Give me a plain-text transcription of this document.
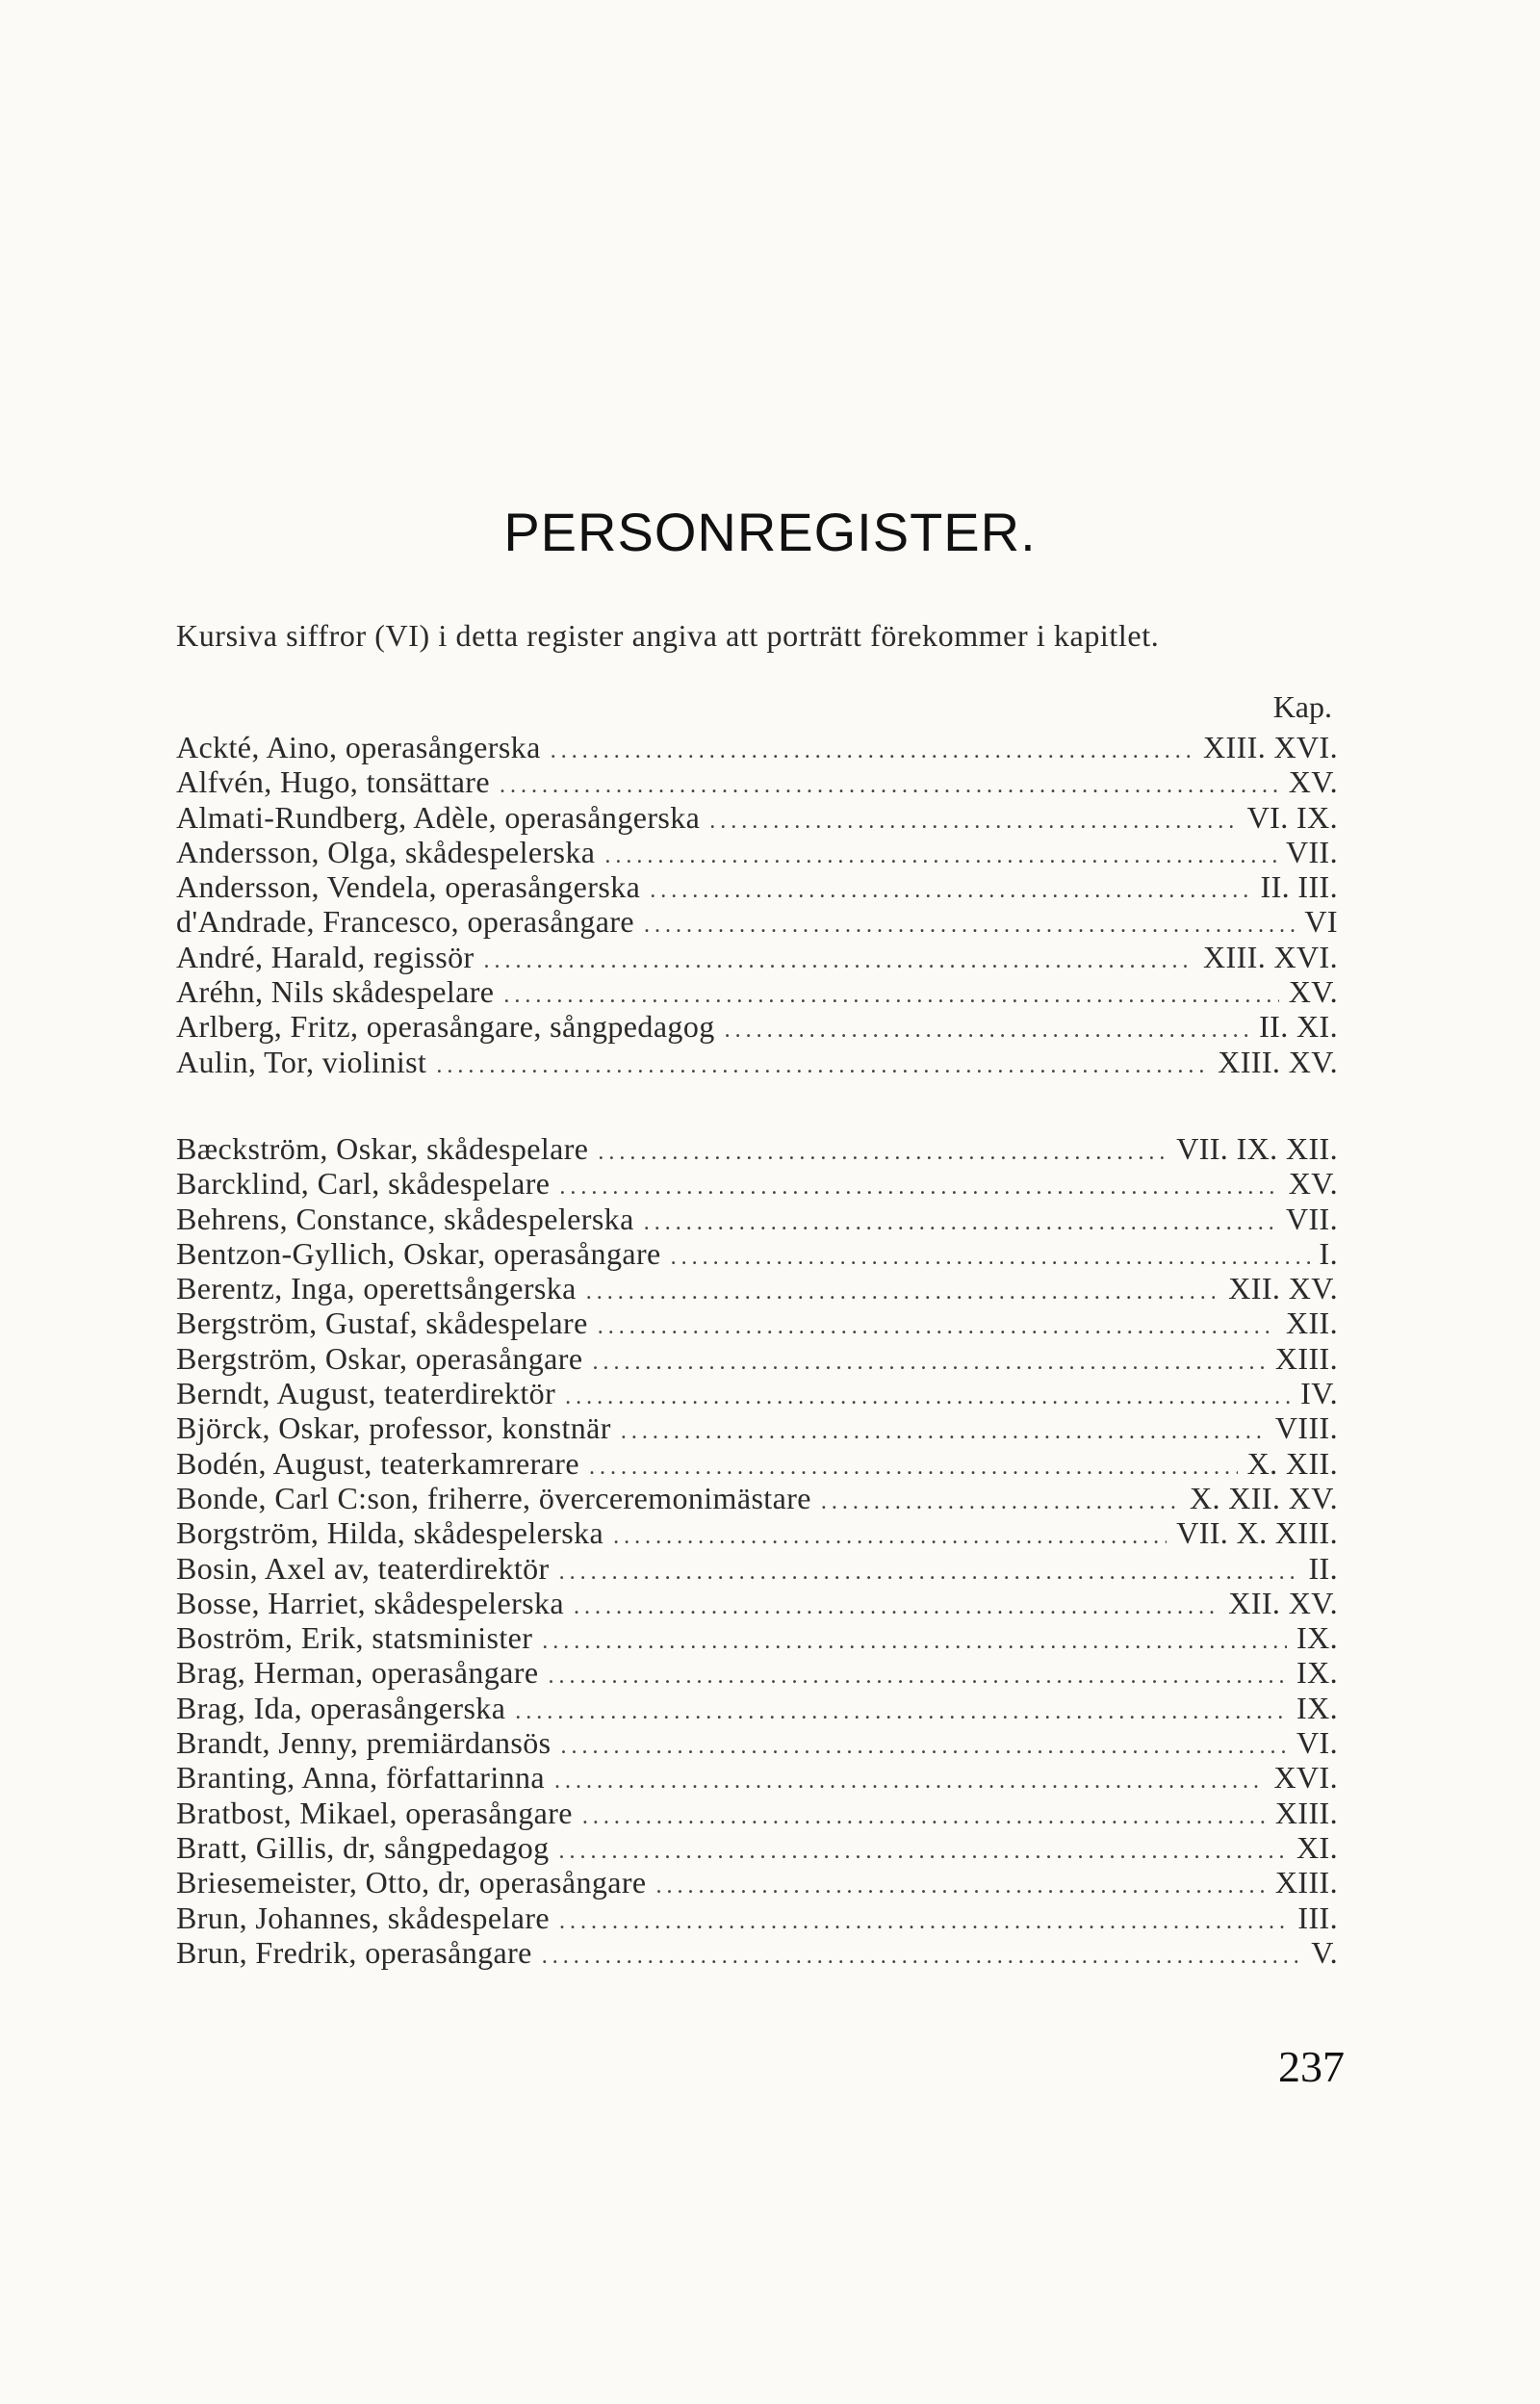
PERSONREGISTER.
Kursiva siffror (VI) i detta register angiva att porträtt förekommer i kapitlet.
Kap.
Ackté, Aino, operasångerska .....	XIII. XVI.
Alfvén, Hugo, tonsättare .....	XV.
Almati-Rundberg, Adèle, operasångerska .....	VI. IX.
Andersson, Olga, skådespelerska .....	VII.
Andersson, Vendela, operasångerska .....	II. III.
d'Andrade, Francesco, operasångare .....	VI
André, Harald, regissör .....	XIII. XVI.
Aréhn, Nils skådespelare .....	XV.
Arlberg, Fritz, operasångare, sångpedagog .....	II. XI.
Aulin, Tor, violinist .....	XIII. XV.
Bæckström, Oskar, skådespelare .....	VII. IX. XII.
Barcklind, Carl, skådespelare .....	XV.
Behrens, Constance, skådespelerska .....	VII.
Bentzon-Gyllich, Oskar, operasångare .....	I.
Berentz, Inga, operettsångerska .....	XII. XV.
Bergström, Gustaf, skådespelare .....	XII.
Bergström, Oskar, operasångare .....	XIII.
Berndt, August, teaterdirektör .....	IV.
Björck, Oskar, professor, konstnär .....	VIII.
Bodén, August, teaterkamrerare .....	X. XII.
Bonde, Carl C:son, friherre, överceremonimästare .....	X. XII. XV.
Borgström, Hilda, skådespelerska .....	VII. X. XIII.
Bosin, Axel av, teaterdirektör .....	II.
Bosse, Harriet, skådespelerska .....	XII. XV.
Boström, Erik, statsminister .....	IX.
Brag, Herman, operasångare .....	IX.
Brag, Ida, operasångerska .....	IX.
Brandt, Jenny, premiärdansös .....	VI.
Branting, Anna, författarinna .....	XVI.
Bratbost, Mikael, operasångare .....	XIII.
Bratt, Gillis, dr, sångpedagog .....	XI.
Briesemeister, Otto, dr, operasångare .....	XIII.
Brun, Johannes, skådespelare .....	III.
Brun, Fredrik, operasångare .....	V.
237
